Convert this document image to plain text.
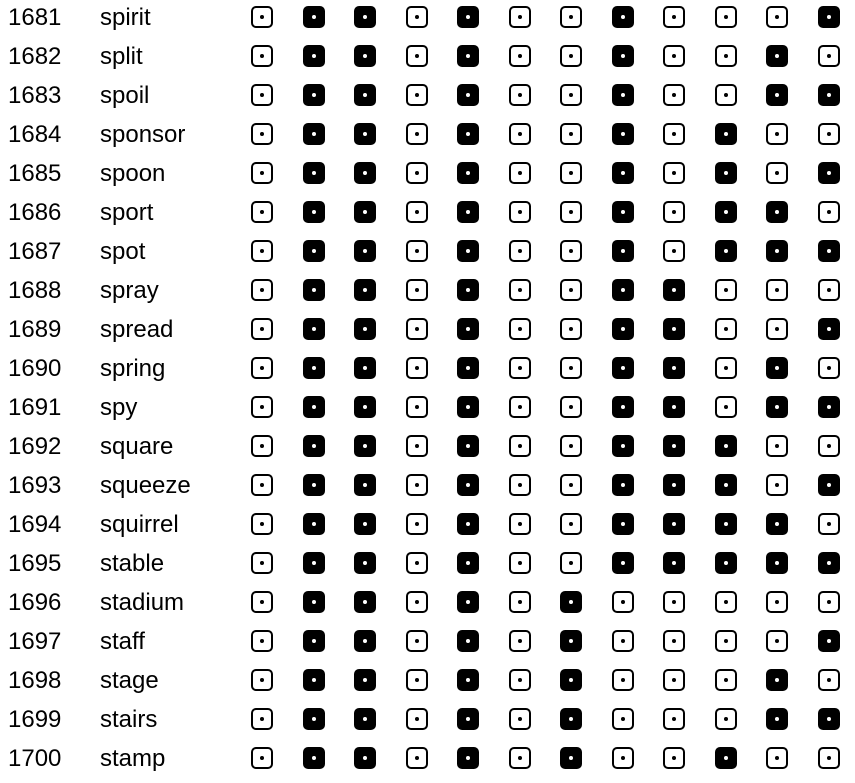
1681 spirit
1682 split
1683 spoil
1684 sponsor
1685 spoon
1686 sport
1687 spot
1688 spray
1689 spread
1690 spring
1691 spy
1692 square
1693 squeeze
1694 squirrel
1695 stable
1696 stadium
1697 staff
1698 stage
1699 stairs
1700 stamp
